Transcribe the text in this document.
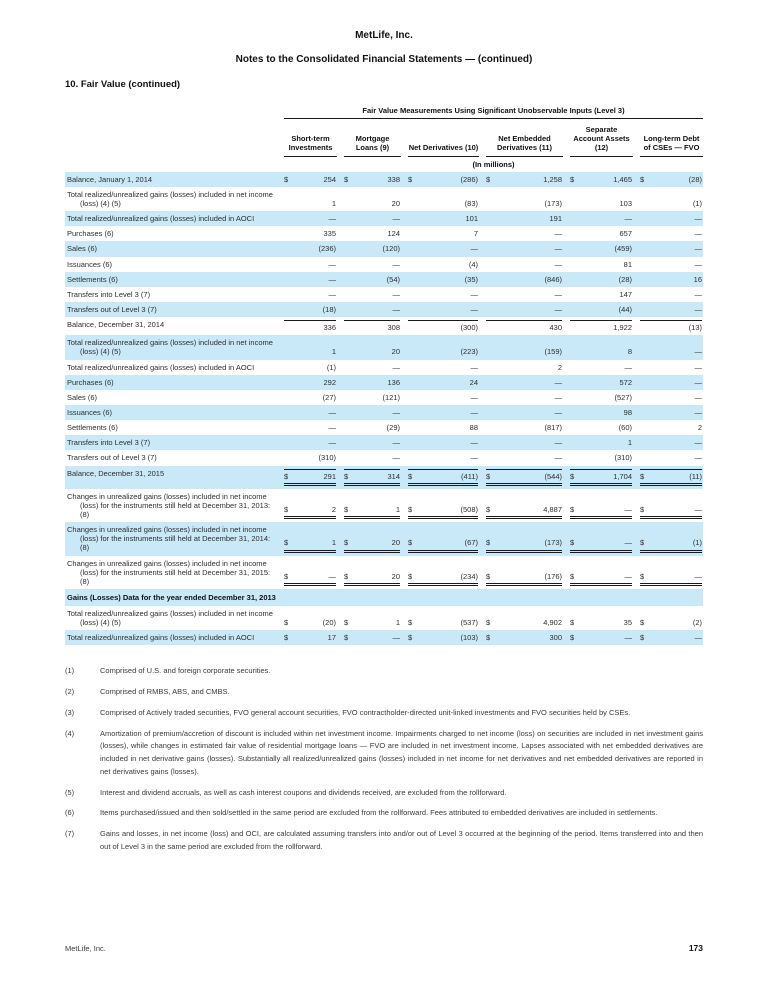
MetLife, Inc.
Notes to the Consolidated Financial Statements — (continued)
10. Fair Value (continued)

	Fair Value Measurements Using Significant Unobservable Inputs (Level 3)					

	Short-term Investments	Mortgage Loans (9)	Net Derivatives (10)	Net Embedded Derivatives (11)	Separate Account Assets (12)	Long-term Debt of CSEs — FVO

	(In millions)					

Balance, January 1, 2014	$ 254	$ 338	$ (286)	$ 1,258	$ 1,465	$ (28)

Total realized/unrealized gains (losses) included in net income (loss) (4) (5)	1	20	(83)	(173)	103	(1)

Total realized/unrealized gains (losses) included in AOCI	—	—	101	191	—	—

Purchases (6)	335	124	7	—	657	—

Sales (6)	(236)	(120)	—	—	(459)	—

Issuances (6)	—	—	(4)	—	81	—

Settlements (6)	—	(54)	(35)	(846)	(28)	16

Transfers into Level 3 (7)	—	—	—	—	147	—

Transfers out of Level 3 (7)	(18)	—	—	—	(44)	—

Balance, December 31, 2014	336	308	(300)	430	1,922	(13)

Total realized/unrealized gains (losses) included in net income (loss) (4) (5)	1	20	(223)	(159)	8	—

Total realized/unrealized gains (losses) included in AOCI	(1)	—	—	2	—	—

Purchases (6)	292	136	24	—	572	—

Sales (6)	(27)	(121)	—	—	(527)	—

Issuances (6)	—	—	—	—	98	—

Settlements (6)	—	(29)	88	(817)	(60)	2

Transfers into Level 3 (7)	—	—	—	—	1	—

Transfers out of Level 3 (7)	(310)	—	—	—	(310)	—

Balance, December 31, 2015	$ 291	$ 314	$ (411)	$ (544)	$ 1,704	$ (11)

Changes in unrealized gains (losses) included in net income (loss) for the instruments still held at December 31, 2013: (8)	$ 2	$ 1	$ (508)	$ 4,887	$ —	$ —

Changes in unrealized gains (losses) included in net income (loss) for the instruments still held at December 31, 2014: (8)	$ 1	$ 20	$ (67)	$ (173)	$ —	$ (1)

Changes in unrealized gains (losses) included in net income (loss) for the instruments still held at December 31, 2015: (8)	$ —	$ 20	$ (234)	$ (176)	$ —	$ —

Gains (Losses) Data for the year ended December 31, 2013						

Total realized/unrealized gains (losses) included in net income (loss) (4) (5)	$ (20)	$ 1	$ (537)	$ 4,902	$ 35	$ (2)

Total realized/unrealized gains (losses) included in AOCI	$ 17	$ —	$ (103)	$ 300	$ —	$ —
(1)	Comprised of U.S. and foreign corporate securities.
(2)	Comprised of RMBS, ABS, and CMBS.
(3)	Comprised of Actively traded securities, FVO general account securities, FVO contractholder-directed unit-linked investments and FVO securities held by CSEs.
(4)	Amortization of premium/accretion of discount is included within net investment income. Impairments charged to net income (loss) on securities are included in net investment gains (losses), while changes in estimated fair value of residential mortgage loans — FVO are included in net investment income. Lapses associated with net embedded derivatives are included in net derivative gains (losses). Substantially all realized/unrealized gains (losses) included in net income for net derivatives and net embedded derivatives are reported in net derivatives gains (losses).
(5)	Interest and dividend accruals, as well as cash interest coupons and dividends received, are excluded from the rollforward.
(6)	Items purchased/issued and then sold/settled in the same period are excluded from the rollforward. Fees attributed to embedded derivatives are included in settlements.
(7)	Gains and losses, in net income (loss) and OCI, are calculated assuming transfers into and/or out of Level 3 occurred at the beginning of the period. Items transferred into and then out of Level 3 in the same period are excluded from the rollforward.
MetLife, Inc.	173
